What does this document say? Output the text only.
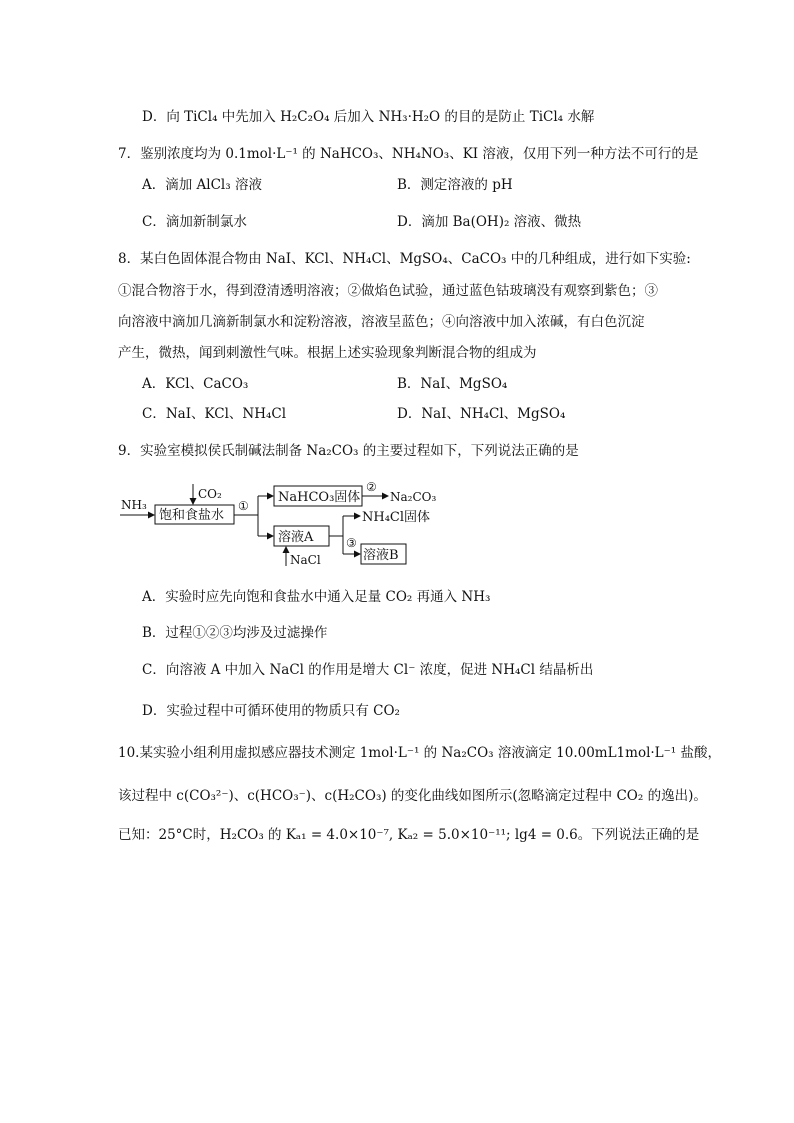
D．向 TiCl₄ 中先加入 H₂C₂O₄ 后加入 NH₃·H₂O 的目的是防止 TiCl₄ 水解
7．鉴别浓度均为 0.1mol·L⁻¹ 的 NaHCO₃、NH₄NO₃、KI 溶液，仅用下列一种方法不可行的是
A．滴加 AlCl₃ 溶液	B．测定溶液的 pH
C．滴加新制氯水	D．滴加 Ba(OH)₂ 溶液、微热
8．某白色固体混合物由 NaI、KCl、NH₄Cl、MgSO₄、CaCO₃ 中的几种组成，进行如下实验:
①混合物溶于水，得到澄清透明溶液；②做焰色试验，通过蓝色钴玻璃没有观察到紫色；③
向溶液中滴加几滴新制氯水和淀粉溶液，溶液呈蓝色；④向溶液中加入浓碱，有白色沉淀
产生，微热，闻到刺激性气味。根据上述实验现象判断混合物的组成为
A．KCl、CaCO₃	B．NaI、MgSO₄
C．NaI、KCl、NH₄Cl	D．NaI、NH₄Cl、MgSO₄
9．实验室模拟侯氏制碱法制备 Na₂CO₃ 的主要过程如下，下列说法正确的是
NH₃
CO₂
饱和食盐水
①
NaHCO₃固体
②
Na₂CO₃
溶液A
NaCl
③
NH₄Cl固体
溶液B
A．实验时应先向饱和食盐水中通入足量 CO₂ 再通入 NH₃
B．过程①②③均涉及过滤操作
C．向溶液 A 中加入 NaCl 的作用是增大 Cl⁻ 浓度，促进 NH₄Cl 结晶析出
D．实验过程中可循环使用的物质只有 CO₂
10.某实验小组利用虚拟感应器技术测定 1mol·L⁻¹ 的 Na₂CO₃ 溶液滴定 10.00mL1mol·L⁻¹ 盐酸，
该过程中 c(CO₃²⁻)、c(HCO₃⁻)、c(H₂CO₃) 的变化曲线如图所示(忽略滴定过程中 CO₂ 的逸出)。
已知：25°C时，H₂CO₃ 的 Kₐ₁ = 4.0×10⁻⁷, Kₐ₂ = 5.0×10⁻¹¹; lg4 = 0.6。下列说法正确的是
